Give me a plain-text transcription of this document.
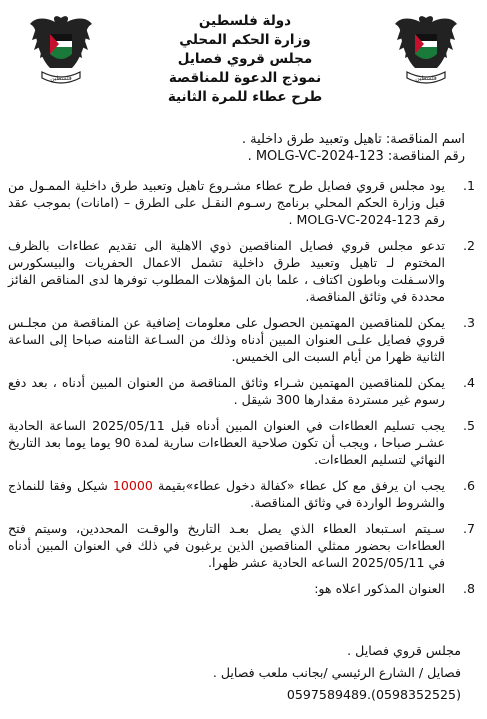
فلسطين	فلسطين
دولة فلسطين
وزارة الحكم المحلي
مجلس قروي فصايل
نموذج الدعوة للمناقصة
طرح عطاء للمرة الثانية
اسم المناقصة: تاهيل وتعبيد طرق داخلية .
رقم المناقصة: MOLG-VC-2024-123 .
1.
يود مجلس قروي فصايل طرح عطاء مشـروع تاهيل وتعبيد طرق داخلية الممـول من قبل وزارة الحكم المحلي برنامج رسـوم النقـل على الطرق – (امانات) بموجب عقد رقم MOLG-VC-2024-123 .
2.
تدعو مجلس قروي فصايل المناقصين ذوي الاهلية الى تقديم عطاءات بالظرف المختوم لـ تاهيل وتعبيد طرق داخلية تشمل الاعمال الحفريات والبيسكورس والاسـفلت وباطون اكتاف ، علما بان المؤهلات المطلوب توفرها لدى المناقص الفائز محددة في وثائق المناقصة.
3.
يمكن للمناقصين المهتمين الحصول على معلومات إضافية عن المناقصة من مجلـس قروي فصايل علـى العنوان المبين أدناه وذلك من السـاعة الثامنه صباحا إلى الساعة الثانية ظهرا من أيام السبت الى الخميس.
4.
يمكن للمناقصين المهتمين شـراء وثائق المناقصة من العنوان المبين أدناه ، بعد دفع رسوم غير مستردة مقدارها 300 شيقل .
5.
يجب تسليم العطاءات في العنوان المبين أدناه قبل 2025/05/11 الساعة الحادية عشـر صباحا ، ويجب أن تكون صلاحية العطاءات سارية لمدة 90 يوما يوما بعد التاريخ النهائي لتسليم العطاءات.
6.
يجب ان يرفق مع كل عطاء «كفالة دخول عطاء»بقيمة 10000 شيكل وفقا للنماذج والشروط الواردة في وثائق المناقصة.
7.
سـيتم اسـتبعاد العطاء الذي يصل بعـد التاريخ والوقـت المحددين، وسيتم فتح العطاءات بحضور ممثلي المناقصين الذين يرغبون في ذلك في العنوان المبين أدناه في 2025/05/11 الساعه الحادية عشر ظهرا.
8.
العنوان المذكور اعلاه هو:
مجلس قروي فصايل .
فصايل / الشارع الرئيسي /بجانب ملعب فصايل .
(0598352525).0597589489
